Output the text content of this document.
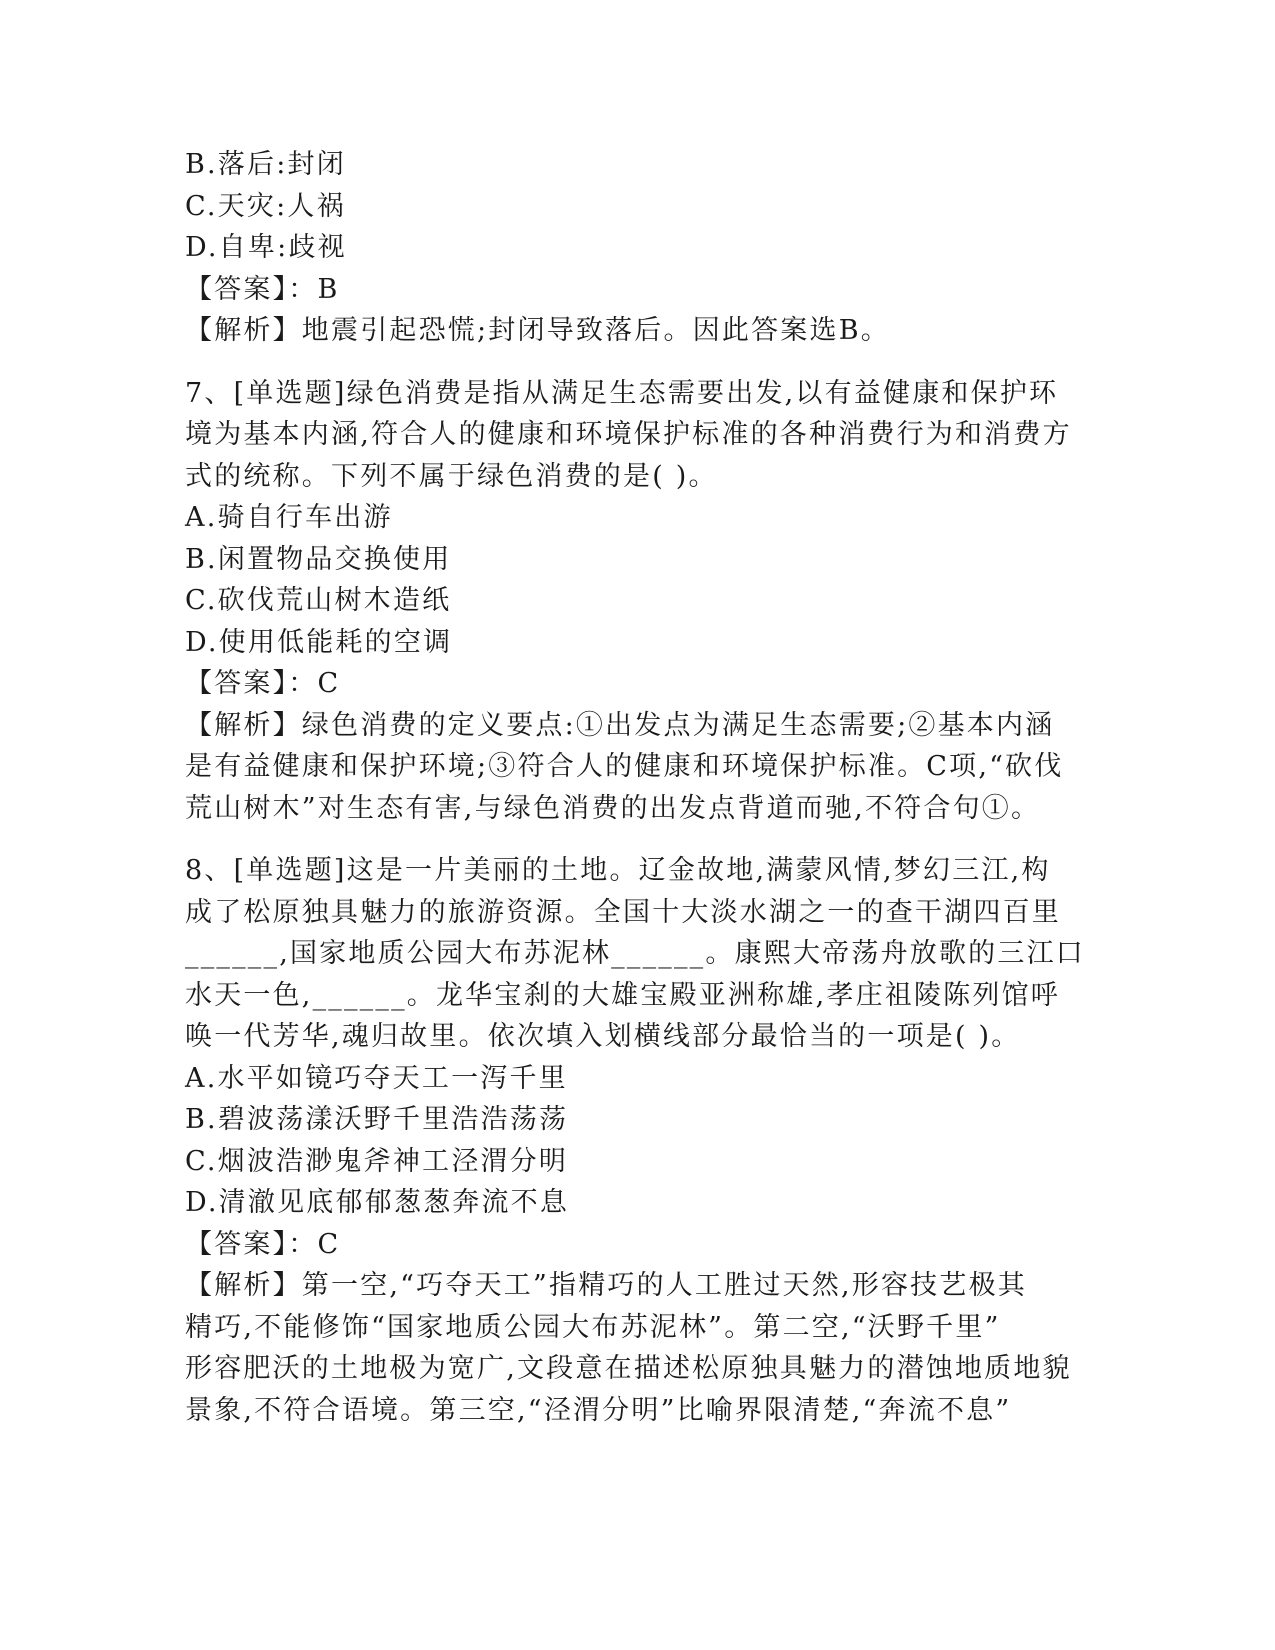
B.落后:封闭
C.天灾:人祸
D.自卑:歧视
【答案】：B
【解析】地震引起恐慌;封闭导致落后。因此答案选B。
7、[单选题]绿色消费是指从满足生态需要出发,以有益健康和保护环
境为基本内涵,符合人的健康和环境保护标准的各种消费行为和消费方
式的统称。下列不属于绿色消费的是( )。
A.骑自行车出游
B.闲置物品交换使用
C.砍伐荒山树木造纸
D.使用低能耗的空调
【答案】：C
【解析】绿色消费的定义要点:①出发点为满足生态需要;②基本内涵
是有益健康和保护环境;③符合人的健康和环境保护标准。C项,“砍伐
荒山树木”对生态有害,与绿色消费的出发点背道而驰,不符合句①。
8、[单选题]这是一片美丽的土地。辽金故地,满蒙风情,梦幻三江,构
成了松原独具魅力的旅游资源。全国十大淡水湖之一的查干湖四百里
______,国家地质公园大布苏泥林______。康熙大帝荡舟放歌的三江口
水天一色,______。龙华宝刹的大雄宝殿亚洲称雄,孝庄祖陵陈列馆呼
唤一代芳华,魂归故里。依次填入划横线部分最恰当的一项是( )。
A.水平如镜巧夺天工一泻千里
B.碧波荡漾沃野千里浩浩荡荡
C.烟波浩渺鬼斧神工泾渭分明
D.清澈见底郁郁葱葱奔流不息
【答案】：C
【解析】第一空,“巧夺天工”指精巧的人工胜过天然,形容技艺极其
精巧,不能修饰“国家地质公园大布苏泥林”。第二空,“沃野千里”
形容肥沃的土地极为宽广,文段意在描述松原独具魅力的潜蚀地质地貌
景象,不符合语境。第三空,“泾渭分明”比喻界限清楚,“奔流不息”
